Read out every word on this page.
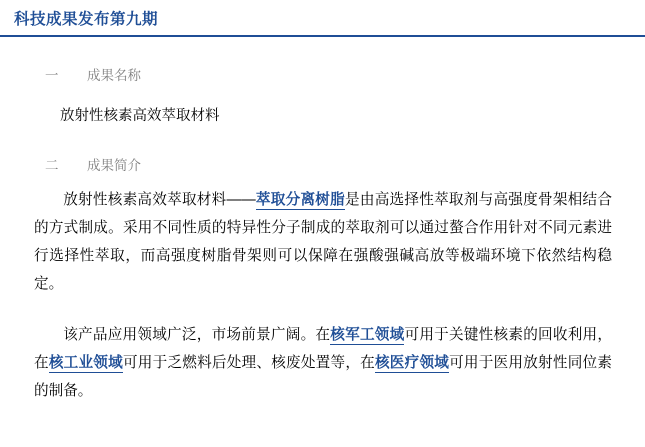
科技成果发布第九期
一 成果名称
放射性核素高效萃取材料
二 成果简介
放射性核素高效萃取材料——萃取分离树脂是由高选择性萃取剂与高强度骨架相结合的方式制成。采用不同性质的特异性分子制成的萃取剂可以通过螯合作用针对不同元素进行选择性萃取，而高强度树脂骨架则可以保障在强酸强碱高放等极端环境下依然结构稳定。
该产品应用领域广泛，市场前景广阔。在核军工领域可用于关键性核素的回收利用，在核工业领域可用于乏燃料后处理、核废处置等，在核医疗领域可用于医用放射性同位素的制备。
